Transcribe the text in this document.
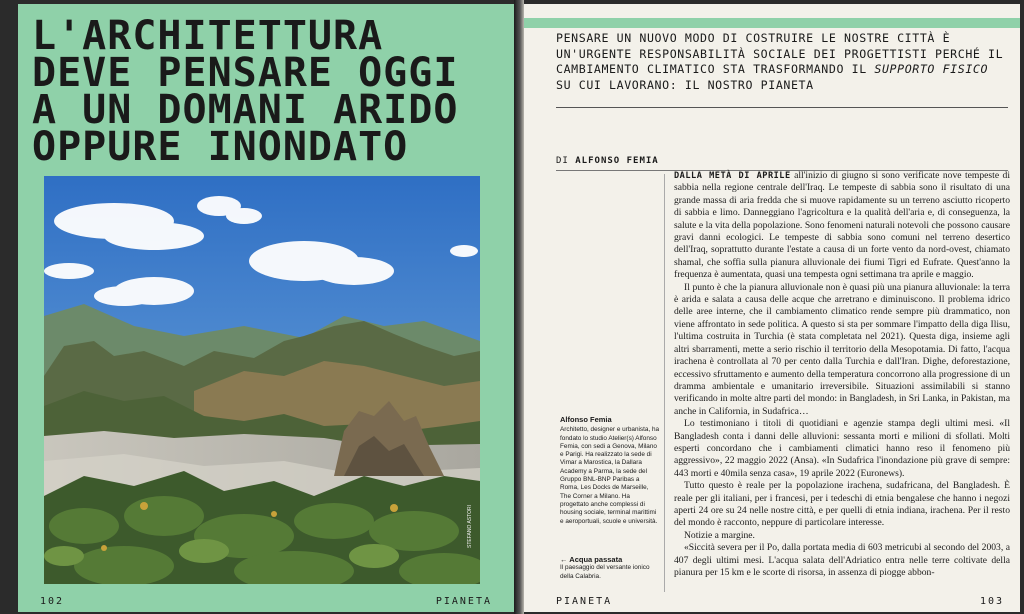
L'ARCHITETTURA DEVE PENSARE OGGI A UN DOMANI ARIDO OPPURE INONDATO
STEFANO ASTORI
102	PIANETA

PENSARE UN NUOVO MODO DI COSTRUIRE LE NOSTRE CITTÀ È UN'URGENTE RESPONSABILITÀ SOCIALE DEI PROGETTISTI PERCHÉ IL CAMBIAMENTO CLIMATICO STA TRASFORMANDO IL SUPPORTO FISICO SU CUI LAVORANO: IL NOSTRO PIANETA

DI ALFONSO FEMIA
Alfonso Femia
Architetto, designer e urbanista, ha fondato lo studio Atelier(s) Alfonso Femia, con sedi a Genova, Milano e Parigi. Ha realizzato la sede di Vimar a Marostica, la Dallara Academy a Parma, la sede del Gruppo BNL-BNP Paribas a Roma, Les Docks de Marseille, The Corner a Milano. Ha progettato anche complessi di housing sociale, terminal marittimi e aeroportuali, scuole e università.
← Acqua passata
Il paesaggio del versante ionico della Calabria.

DALLA METÀ DI APRILE all'inizio di giugno si sono verificate nove tempeste di sabbia nella regione centrale dell'Iraq. Le tempeste di sabbia sono il risultato di una grande massa di aria fredda che si muove rapidamente su un terreno asciutto ricoperto di sabbia e limo. Danneggiano l'agricoltura e la qualità dell'aria e, di conseguenza, la salute e la vita della popolazione. Sono fenomeni naturali notevoli che possono causare gravi danni ecologici. Le tempeste di sabbia sono comuni nel terreno desertico dell'Iraq, soprattutto durante l'estate a causa di un forte vento da nord-ovest, chiamato shamal, che soffia sulla pianura alluvionale dei fiumi Tigri ed Eufrate. Quest'anno la frequenza è aumentata, quasi una tempesta ogni settimana tra aprile e maggio.

Il punto è che la pianura alluvionale non è quasi più una pianura alluvionale: la terra è arida e salata a causa delle acque che arretrano e diminuiscono. Il problema idrico delle aree interne, che il cambiamento climatico rende sempre più drammatico, non viene affrontato in sede politica. A questo si sta per sommare l'impatto della diga Ilisu, l'ultima costruita in Turchia (è stata completata nel 2021). Questa diga, insieme agli altri sbarramenti, mette a serio rischio il territorio della Mesopotamia. Di fatto, l'acqua irachena è controllata al 70 per cento dalla Turchia e dall'Iran. Dighe, deforestazione, eccessivo sfruttamento e aumento della temperatura concorrono alla progressione di un dramma ambientale e umanitario irreversibile. Situazioni assimilabili si stanno verificando in molte altre parti del mondo: in Bangladesh, in Sri Lanka, in Pakistan, ma anche in California, in Sudafrica…

Lo testimoniano i titoli di quotidiani e agenzie stampa degli ultimi mesi. «Il Bangladesh conta i danni delle alluvioni: sessanta morti e milioni di sfollati. Molti esperti concordano che i cambiamenti climatici hanno reso il fenomeno più aggressivo», 22 maggio 2022 (Ansa). «In Sudafrica l'inondazione più grave di sempre: 443 morti e 40mila senza casa», 19 aprile 2022 (Euronews).

Tutto questo è reale per la popolazione irachena, sudafricana, del Bangladesh. È reale per gli italiani, per i francesi, per i tedeschi di etnia bengalese che hanno i negozi aperti 24 ore su 24 nelle nostre città, e per quelli di etnia indiana, irachena. Per il resto del mondo è racconto, neppure di particolare interesse.

Notizie a margine.

«Siccità severa per il Po, dalla portata media di 603 metricubi al secondo del 2003, a 407 degli ultimi mesi. L'acqua salata dell'Adriatico entra nelle terre coltivate della pianura per 15 km e le scorte di risorsa, in assenza di piogge abbon-

PIANETA	103
